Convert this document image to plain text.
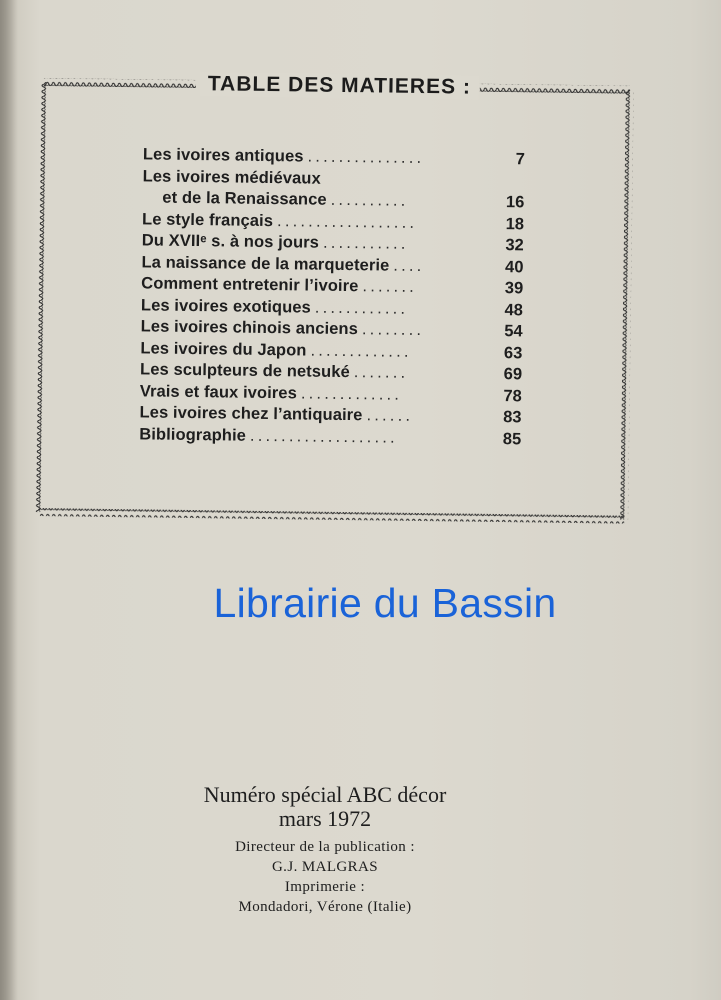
TABLE DES MATIERES :
Les ivoires antiques ...............	7
Les ivoires médiévaux
et de la Renaissance ..........	16
Le style français ..................	18
Du XVIIᵉ s. à nos jours ...........	32
La naissance de la marqueterie ....	40
Comment entretenir l’ivoire .......	39
Les ivoires exotiques ............	48
Les ivoires chinois anciens ........	54
Les ivoires du Japon .............	63
Les sculpteurs de netsuké .......	69
Vrais et faux ivoires .............	78
Les ivoires chez l’antiquaire ......	83
Bibliographie ...................	85
Librairie du Bassin
Numéro spécial ABC décor
mars 1972
Directeur de la publication :
G.J. MALGRAS
Imprimerie :
Mondadori, Vérone (Italie)
